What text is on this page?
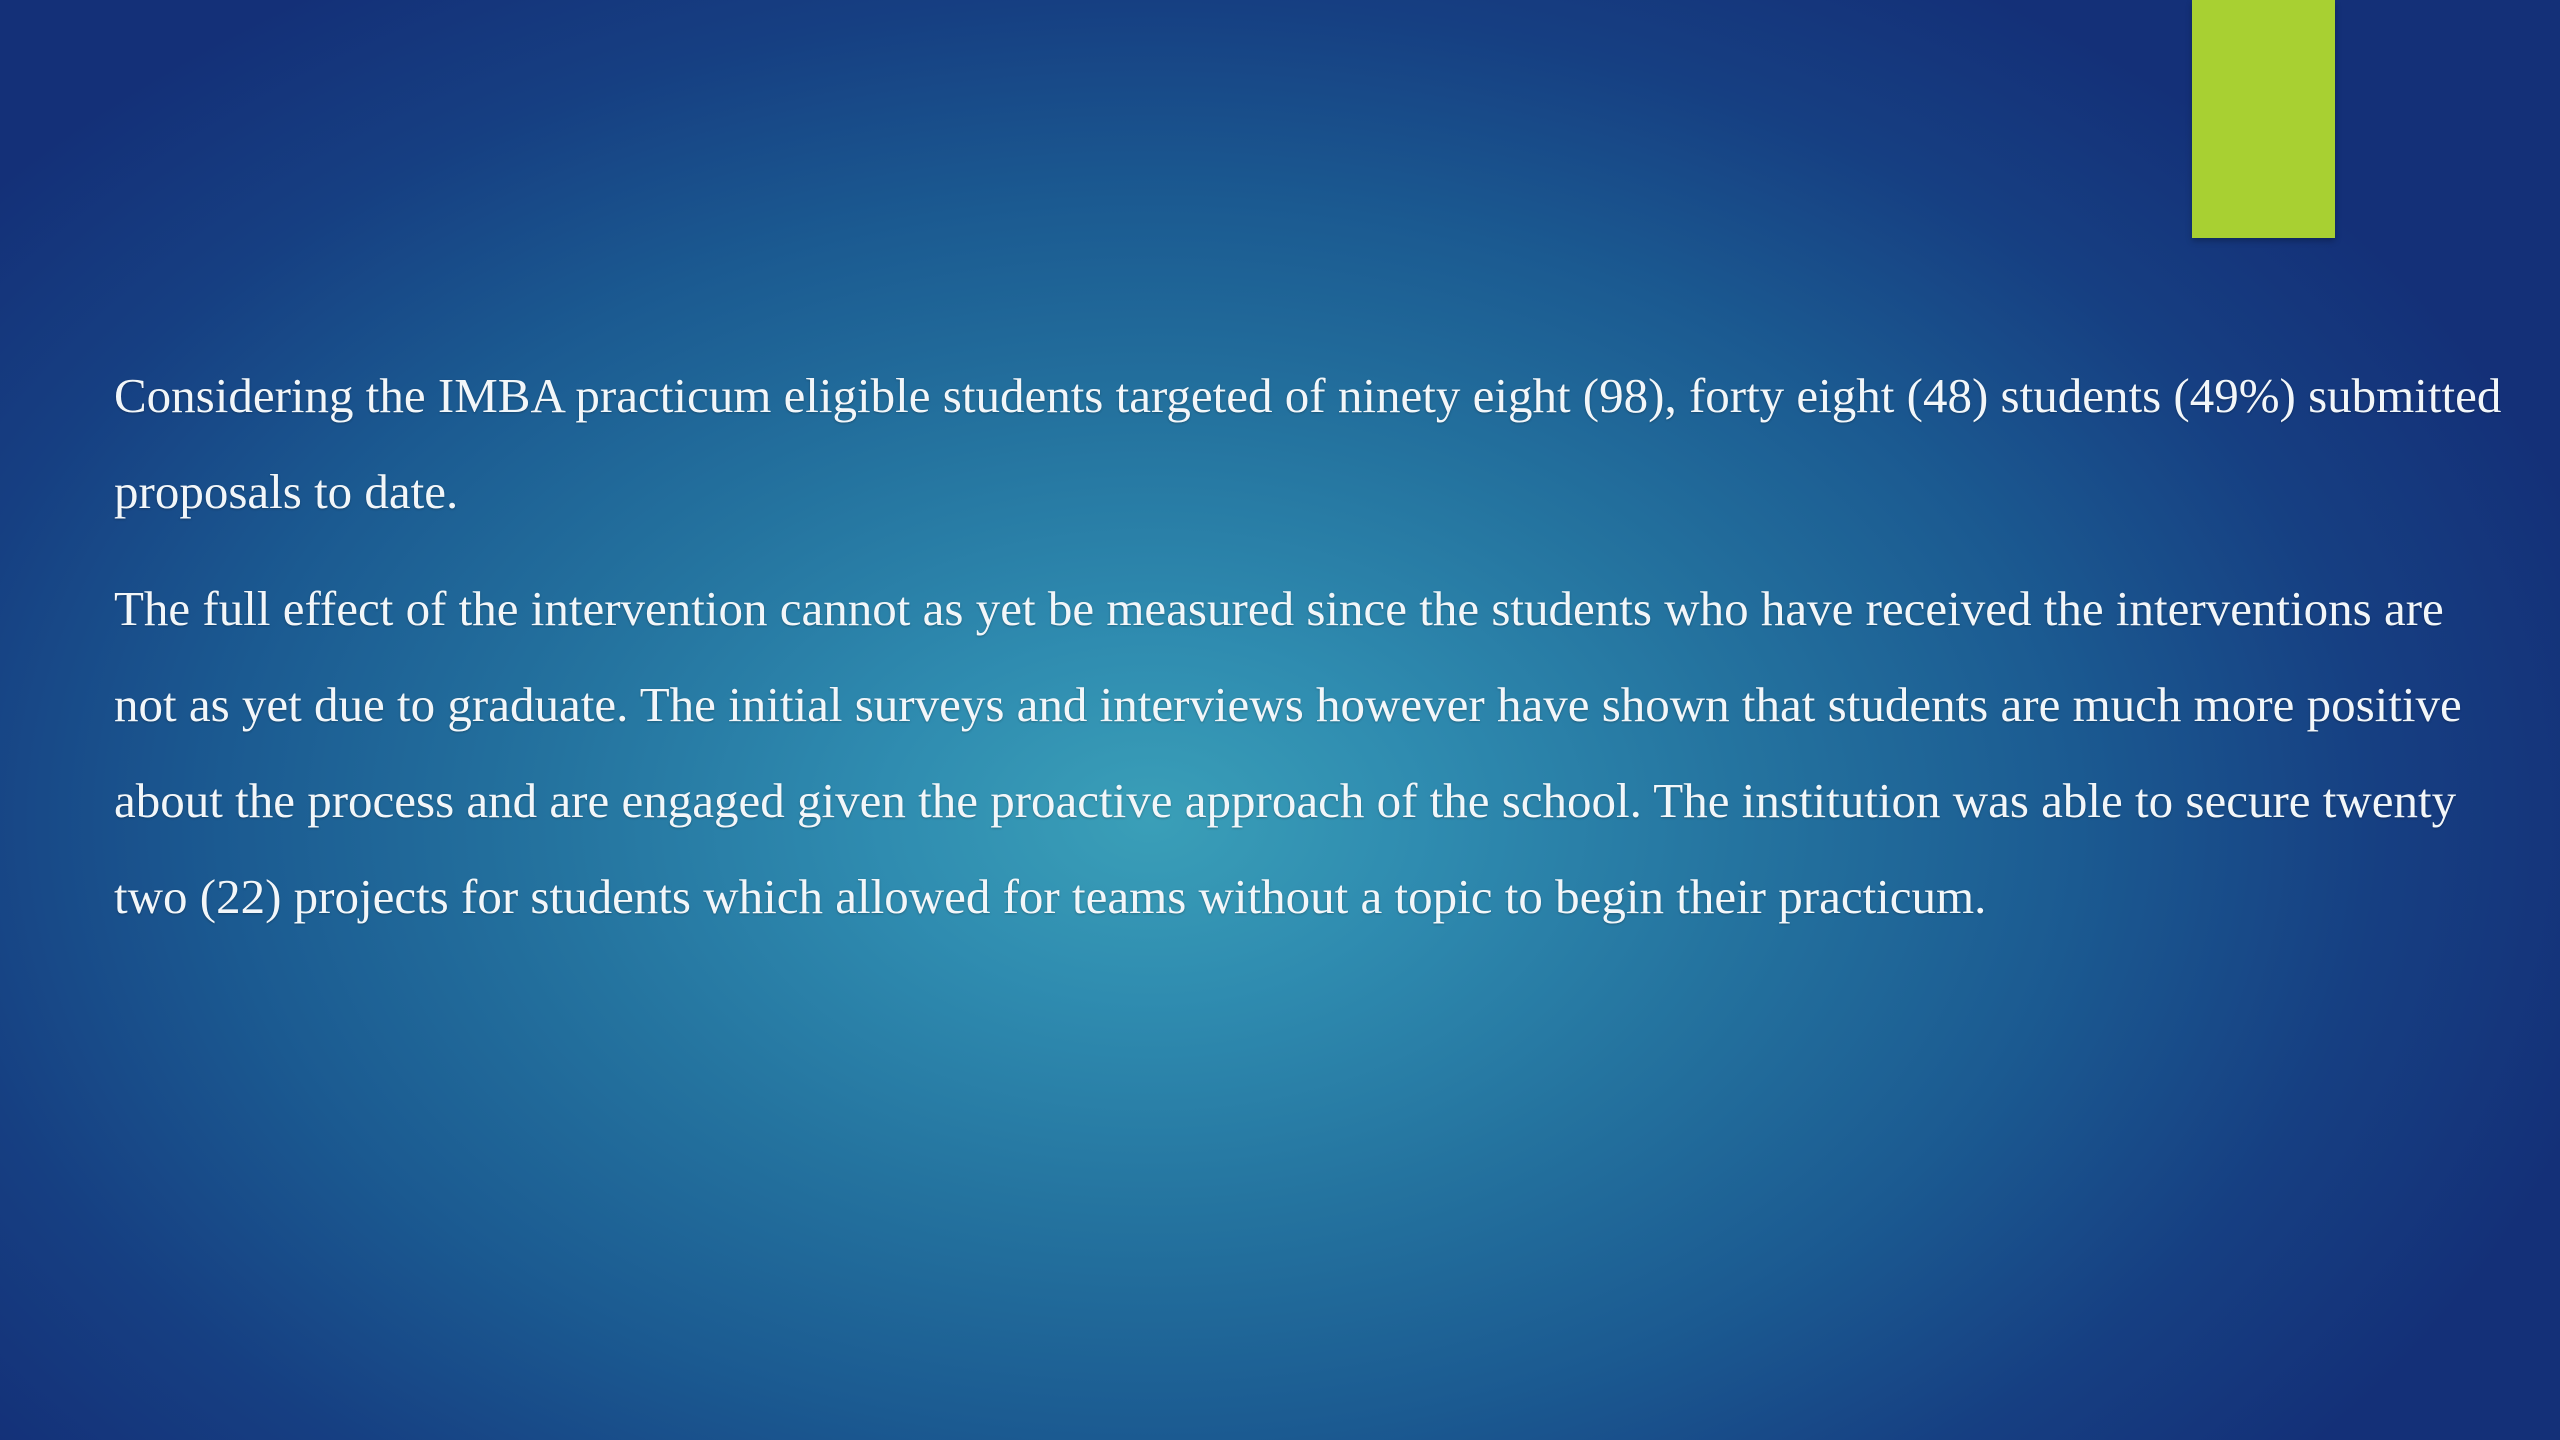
Considering the IMBA practicum eligible students targeted of ninety eight (98), forty eight (48) students (49%) submitted proposals to date.

The full effect of the intervention cannot as yet be measured since the students who have received the interventions are not as yet due to graduate. The initial surveys and interviews however have shown that students are much more positive about the process and are engaged given the proactive approach of the school. The institution was able to secure twenty two (22) projects for students which allowed for teams without a topic to begin their practicum.
